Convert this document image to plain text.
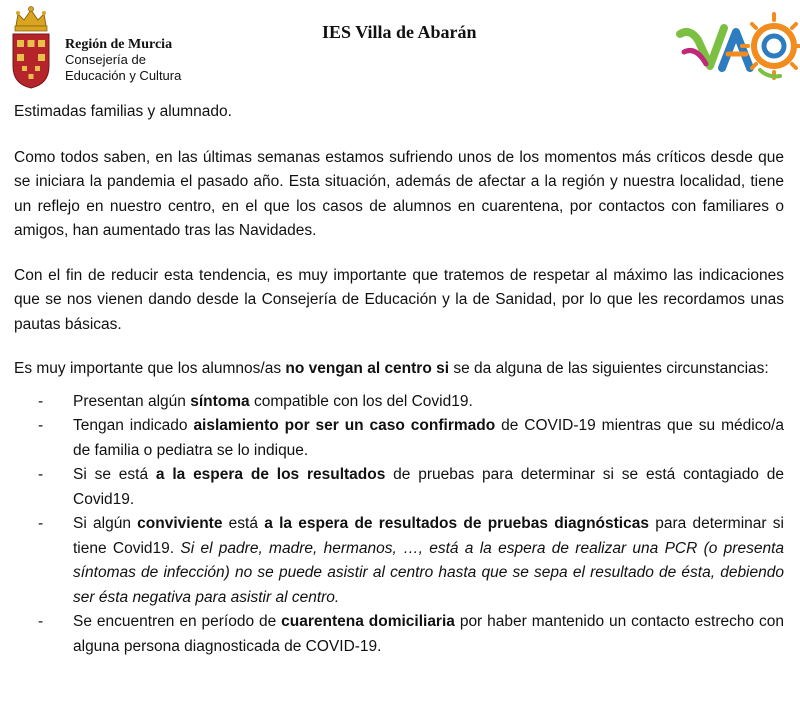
Región de Murcia
Consejería de
Educación y Cultura
IES Villa de Abarán

Estimadas familias y alumnado.

Como todos saben, en las últimas semanas estamos sufriendo unos de los momentos más críticos desde que se iniciara la pandemia el pasado año. Esta situación, además de afectar a la región y nuestra localidad, tiene un reflejo en nuestro centro, en el que los casos de alumnos en cuarentena, por contactos con familiares o amigos, han aumentado tras las Navidades.

Con el fin de reducir esta tendencia, es muy importante que tratemos de respetar al máximo las indicaciones que se nos vienen dando desde la Consejería de Educación y la de Sanidad, por lo que les recordamos unas pautas básicas.

Es muy importante que los alumnos/as no vengan al centro si se da alguna de las siguientes circunstancias:

- Presentan algún síntoma compatible con los del Covid19.
- Tengan indicado aislamiento por ser un caso confirmado de COVID-19 mientras que su médico/a de familia o pediatra se lo indique.
- Si se está a la espera de los resultados de pruebas para determinar si se está contagiado de Covid19.
- Si algún conviviente está a la espera de resultados de pruebas diagnósticas para determinar si tiene Covid19. Si el padre, madre, hermanos, …, está a la espera de realizar una PCR (o presenta síntomas de infección) no se puede asistir al centro hasta que se sepa el resultado de ésta, debiendo ser ésta negativa para asistir al centro.
- Se encuentren en período de cuarentena domiciliaria por haber mantenido un contacto estrecho con alguna persona diagnosticada de COVID-19.
